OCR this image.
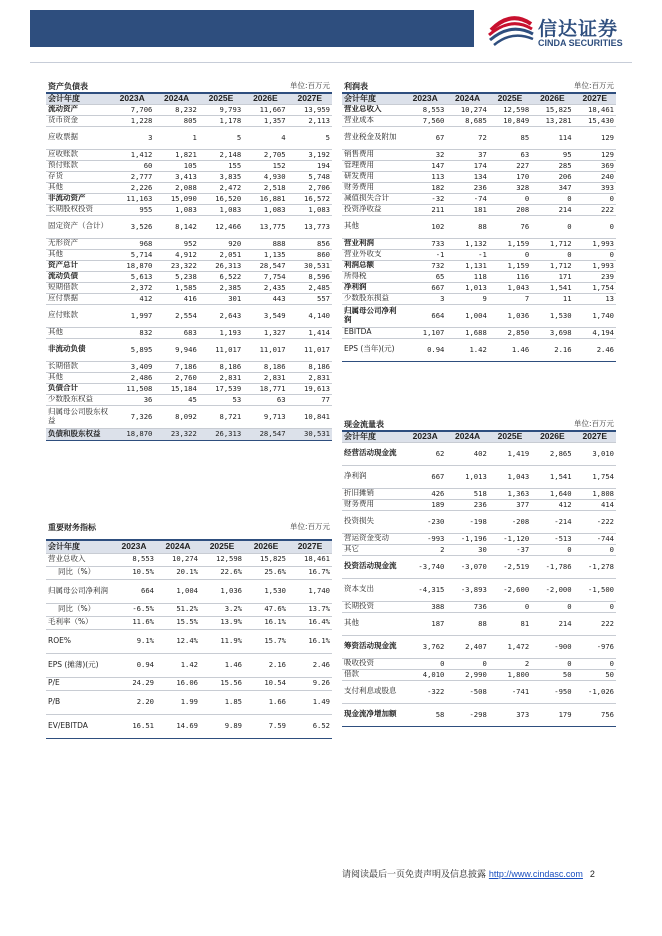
信达证券
CINDA SECURITIES
资产负债表			单位:百万元		
会计年度	2023A	2024A	2025E	2026E	2027E
流动资产	7,706	8,232	9,793	11,667	13,959
货币资金	1,228	805	1,178	1,357	2,113
应收票据	3	1	5	4	5
应收账款	1,412	1,821	2,148	2,705	3,192
预付账款	60	105	155	152	194
存货	2,777	3,413	3,835	4,930	5,748
其他	2,226	2,088	2,472	2,518	2,706
非流动资产	11,163	15,090	16,520	16,881	16,572
长期股权投资	955	1,083	1,083	1,083	1,083
固定资产（合计）	3,526	8,142	12,466	13,775	13,773
无形资产	968	952	920	888	856
其他	5,714	4,912	2,051	1,135	860
资产总计	18,870	23,322	26,313	28,547	30,531
流动负债	5,613	5,238	6,522	7,754	8,596
短期借款	2,372	1,585	2,385	2,435	2,485
应付票据	412	416	301	443	557
应付账款	1,997	2,554	2,643	3,549	4,140
其他	832	683	1,193	1,327	1,414
非流动负债	5,895	9,946	11,017	11,017	11,017
长期借款	3,409	7,186	8,186	8,186	8,186
其他	2,486	2,760	2,831	2,831	2,831
负债合计	11,508	15,184	17,539	18,771	19,613
少数股东权益	36	45	53	63	77
归属母公司股东权益	7,326	8,092	8,721	9,713	10,841
负债和股东权益	18,870	23,322	26,313	28,547	30,531
重要财务指标			单位:百万元		
会计年度	2023A	2024A	2025E	2026E	2027E
营业总收入	8,553	10,274	12,598	15,825	18,461
同比（%）	10.5%	20.1%	22.6%	25.6%	16.7%
归属母公司净利润	664	1,004	1,036	1,530	1,740
同比（%）	-6.5%	51.2%	3.2%	47.6%	13.7%
毛利率（%）	11.6%	15.5%	13.9%	16.1%	16.4%
ROE%	9.1%	12.4%	11.9%	15.7%	16.1%
EPS (摊薄)(元)	0.94	1.42	1.46	2.16	2.46
P/E	24.29	16.06	15.56	10.54	9.26
P/B	2.20	1.99	1.85	1.66	1.49
EV/EBITDA	16.51	14.69	9.89	7.59	6.52
利润表			单位:百万元		
会计年度	2023A	2024A	2025E	2026E	2027E
营业总收入	8,553	10,274	12,598	15,825	18,461
营业成本	7,560	8,685	10,849	13,281	15,430
营业税金及附加	67	72	85	114	129
销售费用	32	37	63	95	129
管理费用	147	174	227	285	369
研发费用	113	134	170	206	240
财务费用	182	236	328	347	393
减值损失合计	-32	-74	0	0	0
投资净收益	211	181	208	214	222
其他	102	88	76	0	0
营业利润	733	1,132	1,159	1,712	1,993
营业外收支	-1	-1	0	0	0
利润总额	732	1,131	1,159	1,712	1,993
所得税	65	118	116	171	239
净利润	667	1,013	1,043	1,541	1,754
少数股东损益	3	9	7	11	13
归属母公司净利润	664	1,004	1,036	1,530	1,740
EBITDA	1,107	1,688	2,850	3,698	4,194
EPS (当年)(元)	0.94	1.42	1.46	2.16	2.46
现金流量表			单位:百万元		
会计年度	2023A	2024A	2025E	2026E	2027E
经营活动现金流	62	402	1,419	2,865	3,010
净利润	667	1,013	1,043	1,541	1,754
折旧摊销	426	518	1,363	1,640	1,808
财务费用	189	236	377	412	414
投资损失	-230	-198	-208	-214	-222
营运资金变动	-993	-1,196	-1,120	-513	-744
其它	2	30	-37	0	0
投资活动现金流	-3,740	-3,070	-2,519	-1,786	-1,278
资本支出	-4,315	-3,893	-2,600	-2,000	-1,500
长期投资	388	736	0	0	0
其他	187	88	81	214	222
筹资活动现金流	3,762	2,407	1,472	-900	-976
吸收投资	0	0	2	0	0
借款	4,010	2,990	1,800	50	50
支付利息或股息	-322	-508	-741	-950	-1,026
现金流净增加额	58	-298	373	179	756
请阅读最后一页免责声明及信息披露 http://www.cindasc.com 2
